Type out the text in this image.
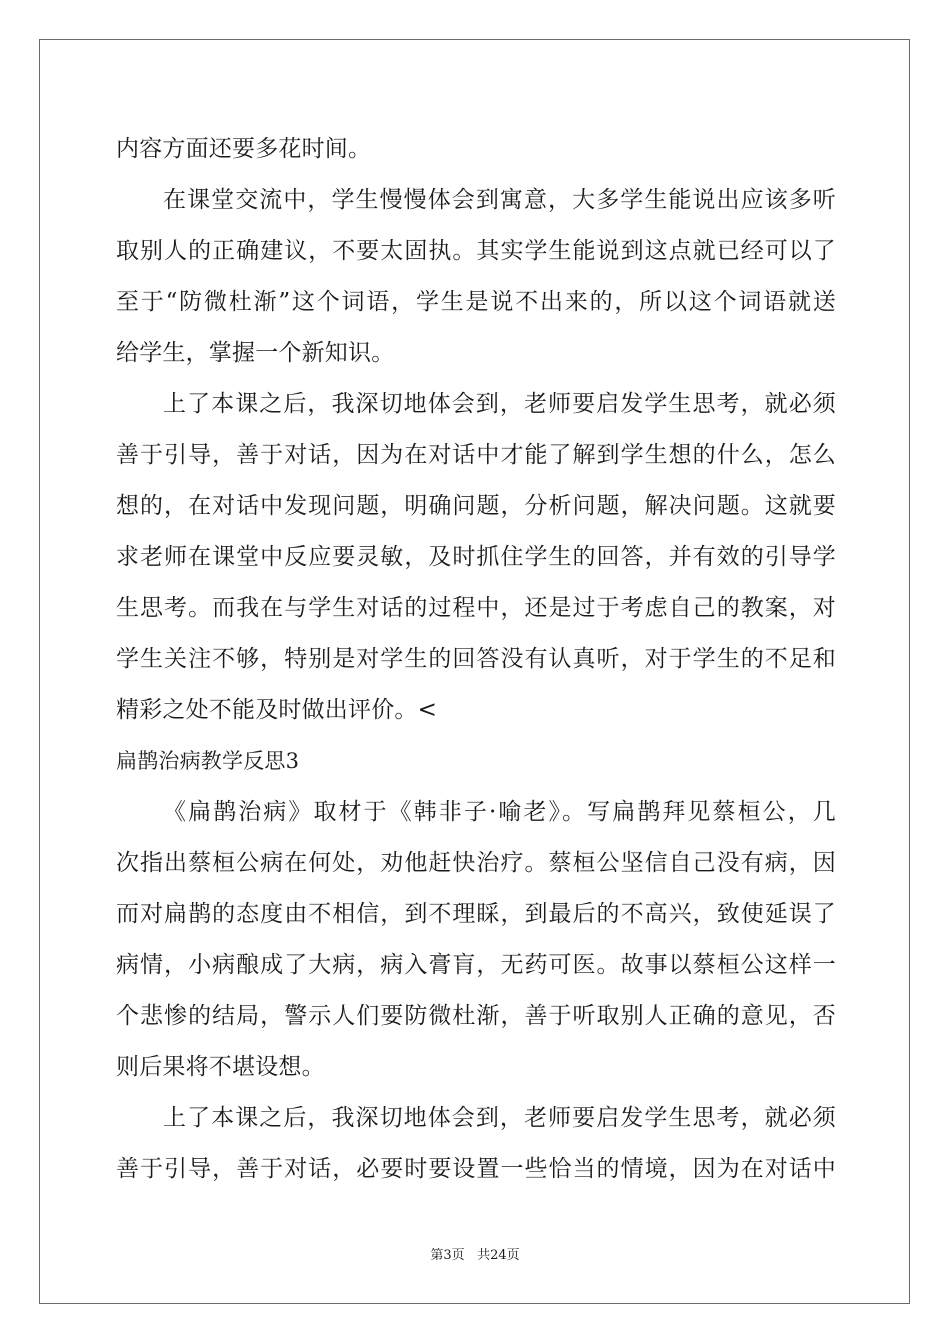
内容方面还要多花时间。
在课堂交流中，学生慢慢体会到寓意，大多学生能说出应该多听
取别人的正确建议，不要太固执。其实学生能说到这点就已经可以了
至于“防微杜渐”这个词语，学生是说不出来的，所以这个词语就送
给学生，掌握一个新知识。
上了本课之后，我深切地体会到，老师要启发学生思考，就必须
善于引导，善于对话，因为在对话中才能了解到学生想的什么，怎么
想的，在对话中发现问题，明确问题，分析问题，解决问题。这就要
求老师在课堂中反应要灵敏，及时抓住学生的回答，并有效的引导学
生思考。而我在与学生对话的过程中，还是过于考虑自己的教案，对
学生关注不够，特别是对学生的回答没有认真听，对于学生的不足和
精彩之处不能及时做出评价。<
扁鹊治病教学反思3
《扁鹊治病》取材于《韩非子·喻老》。写扁鹊拜见蔡桓公，几
次指出蔡桓公病在何处，劝他赶快治疗。蔡桓公坚信自己没有病，因
而对扁鹊的态度由不相信，到不理睬，到最后的不高兴，致使延误了
病情，小病酿成了大病，病入膏肓，无药可医。故事以蔡桓公这样一
个悲惨的结局，警示人们要防微杜渐，善于听取别人正确的意见，否
则后果将不堪设想。
上了本课之后，我深切地体会到，老师要启发学生思考，就必须
善于引导，善于对话，必要时要设置一些恰当的情境，因为在对话中
第3页 共24页
